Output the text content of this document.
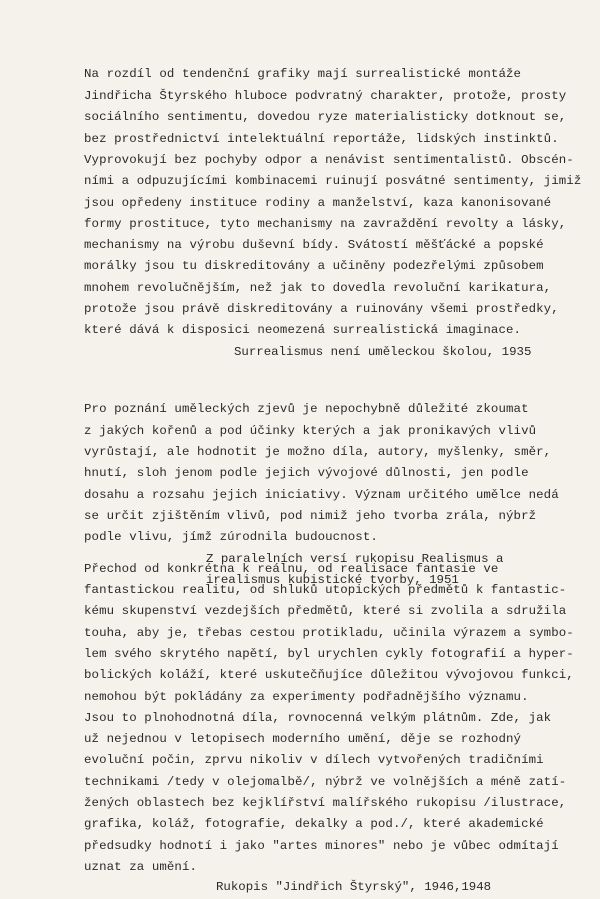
Na rozdíl od tendenční grafiky mají surrealistické montáže
Jindřicha Štyrského hluboce podvratný charakter, protože, prosty
sociálního sentimentu, dovedou ryze materialisticky dotknout se,
bez prostřednictví intelektuální reportáže, lidských instinktů.
Vyprovokují bez pochyby odpor a nenávist sentimentalistů. Obscén-
ními a odpuzujícími kombinacemi ruinují posvátné sentimenty, jimiž
jsou opředeny instituce rodiny a manželství, kaza kanonisované
formy prostituce, tyto mechanismy na zavraždění revolty a lásky,
mechanismy na výrobu duševní bídy. Svátostí měšťácké a popské
morálky jsou tu diskreditovány a učiněny podezřelými způsobem
mnohem revolučnějším, než jak to dovedla revoluční karikatura,
protože jsou právě diskreditovány a ruinovány všemi prostředky,
které dává k disposici neomezená surrealistická imaginace.
Surrealismus není uměleckou školou, 1935
Pro poznání uměleckých zjevů je nepochybně důležité zkoumat
z jakých kořenů a pod účinky kterých a jak pronikavých vlivů
vyrůstají, ale hodnotit je možno díla, autory, myšlenky, směr,
hnutí, sloh jenom podle jejich vývojové důlnosti, jen podle
dosahu a rozsahu jejich iniciativy. Význam určitého umělce nedá
se určit zjištěním vlivů, pod nimiž jeho tvorba zrála, nýbrž
podle vlivu, jímž zúrodnila budoucnost.
Z paralelních versí rukopisu Realismus a
irealismus kubistické tvorby, 1951
Přechod od konkrétna k reálnu, od realisace fantasie ve
fantastickou realitu, od shluků utopických předmětů k fantastic-
kému skupenství vezdejších předmětů, které si zvolila a sdružila
touha, aby je, třebas cestou protikladu, učinila výrazem a symbo-
lem svého skrytého napětí, byl urychlen cykly fotografií a hyper-
bolických koláží, které uskutečňujíce důležitou vývojovou funkci,
nemohou být pokládány za experimenty podřadnějšího významu.
Jsou to plnohodnotná díla, rovnocenná velkým plátnům. Zde, jak
už nejednou v letopisech moderního umění, děje se rozhodný
evoluční počin, zprvu nikoliv v dílech vytvořených tradičními
technikami /tedy v olejomalbě/, nýbrž ve volnějších a méně zatí-
žených oblastech bez kejklířství malířského rukopisu /ilustrace,
grafika, koláž, fotografie, dekalky a pod./, které akademické
předsudky hodnotí i jako "artes minores" nebo je vůbec odmítají
uznat za umění.
Rukopis "Jindřich Štyrský", 1946,1948
